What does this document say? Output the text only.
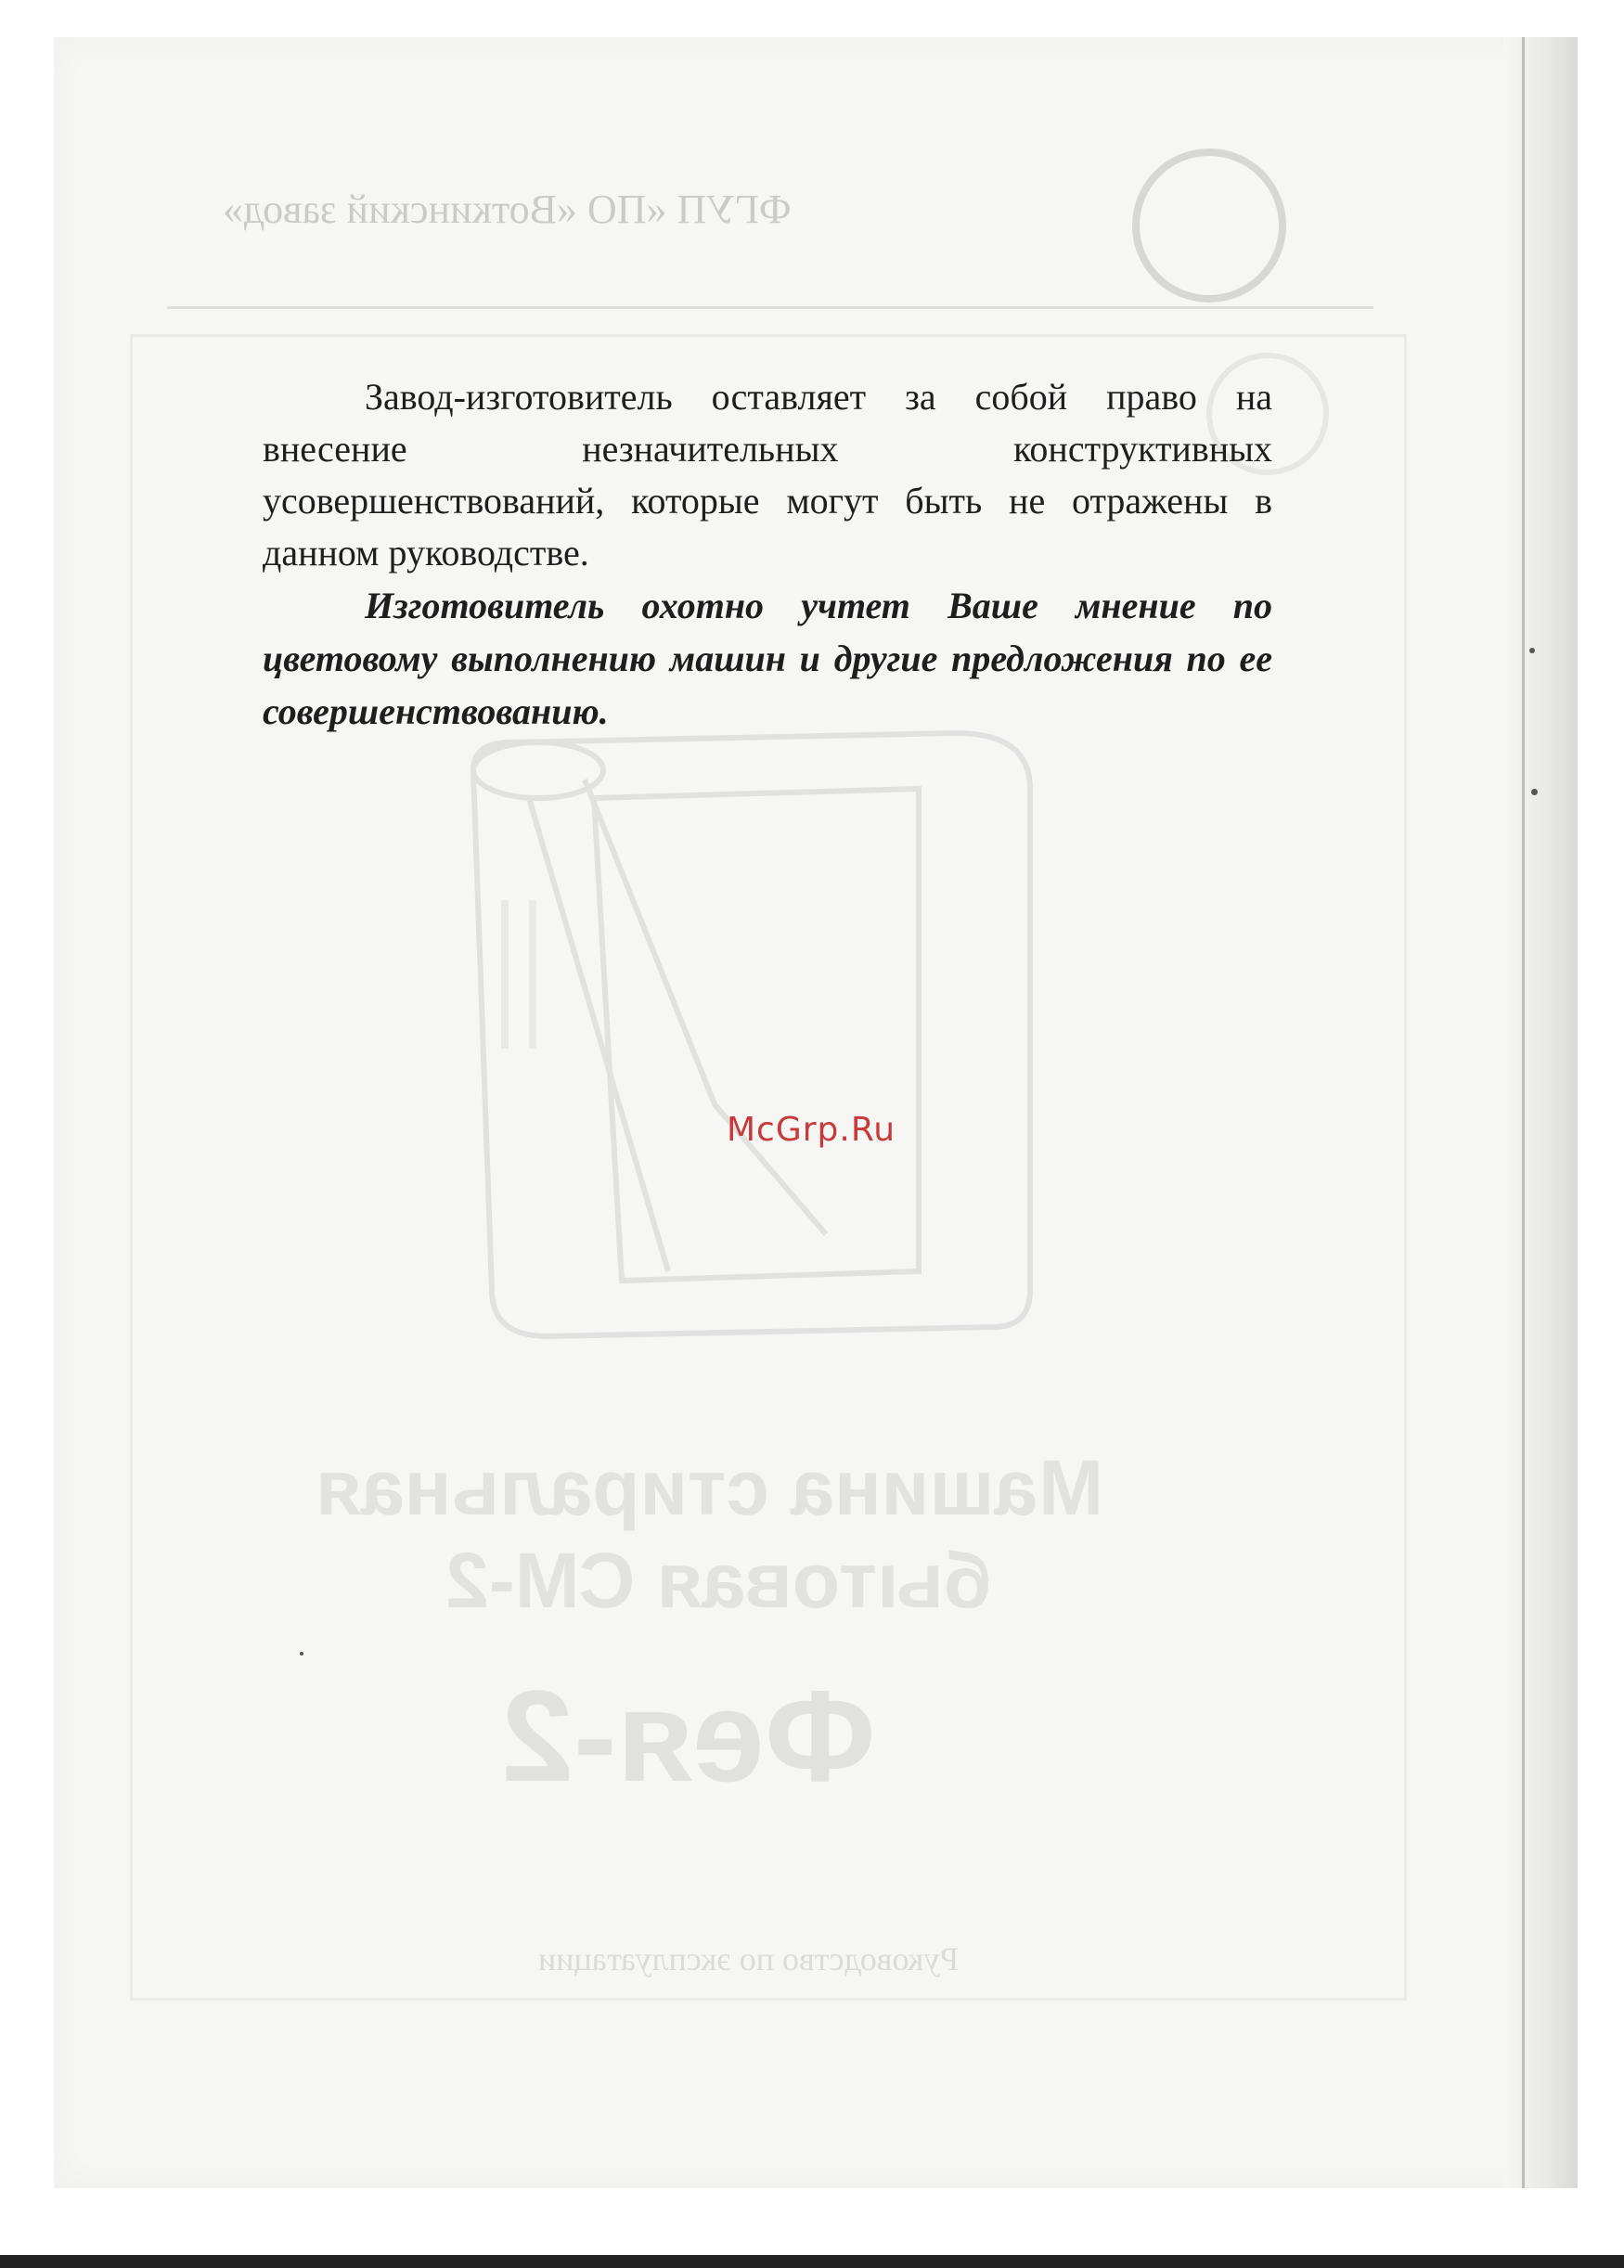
ФГУП «ПО «Воткинский завод»
Машина стиральная
бытовая СМ-2
Фея-2
Руководство по эксплуатации

Завод-изготовитель оставляет за собой право на внесение незначительных конструктивных усовершенствований, которые могут быть не отражены в данном руководстве.

Изготовитель охотно учтет Ваше мнение по цветовому выполнению машин и другие предложения по ее совершенствованию.

McGrp.Ru
